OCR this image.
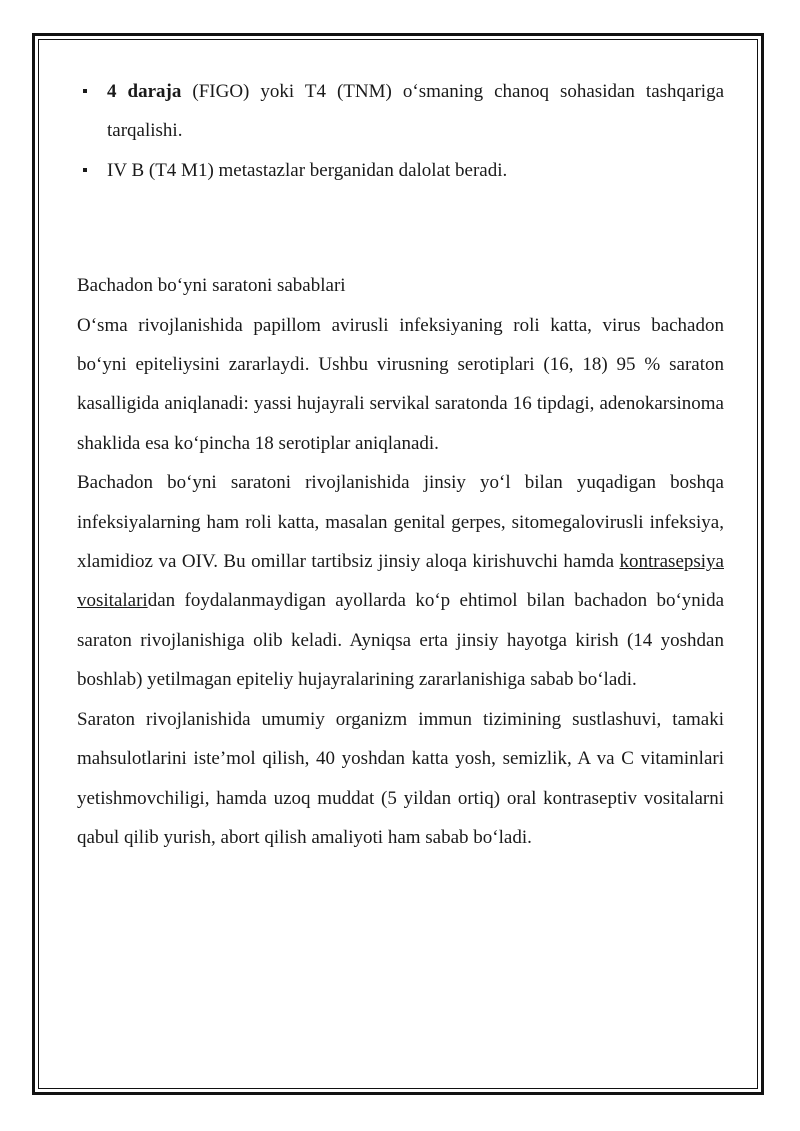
4 daraja (FIGO) yoki T4 (TNM) o‘smaning chanoq sohasidan tashqariga tarqalishi.
IV B (T4 M1) metastazlar berganidan dalolat beradi.

Bachadon bo‘yni saratoni sabablari

O‘sma rivojlanishida papillom avirusli infeksiyaning roli katta, virus bachadon bo‘yni epiteliysini zararlaydi. Ushbu virusning serotiplari (16, 18) 95 % saraton kasalligida aniqlanadi: yassi hujayrali servikal saratonda 16 tipdagi, adenokarsinoma shaklida esa ko‘pincha 18 serotiplar aniqlanadi.

Bachadon bo‘yni saratoni rivojlanishida jinsiy yo‘l bilan yuqadigan boshqa infeksiyalarning ham roli katta, masalan genital gerpes, sitomegalovirusli infeksiya, xlamidioz va OIV. Bu omillar tartibsiz jinsiy aloqa kirishuvchi hamda kontrasepsiya vositalaridan foydalanmaydigan ayollarda ko‘p ehtimol bilan bachadon bo‘ynida saraton rivojlanishiga olib keladi. Ayniqsa erta jinsiy hayotga kirish (14 yoshdan boshlab) yetilmagan epiteliy hujayralarining zararlanishiga sabab bo‘ladi.

Saraton rivojlanishida umumiy organizm immun tizimining sustlashuvi, tamaki mahsulotlarini iste’mol qilish, 40 yoshdan katta yosh, semizlik, A va C vitaminlari yetishmovchiligi, hamda uzoq muddat (5 yildan ortiq) oral kontraseptiv vositalarni qabul qilib yurish, abort qilish amaliyoti ham sabab bo‘ladi.
